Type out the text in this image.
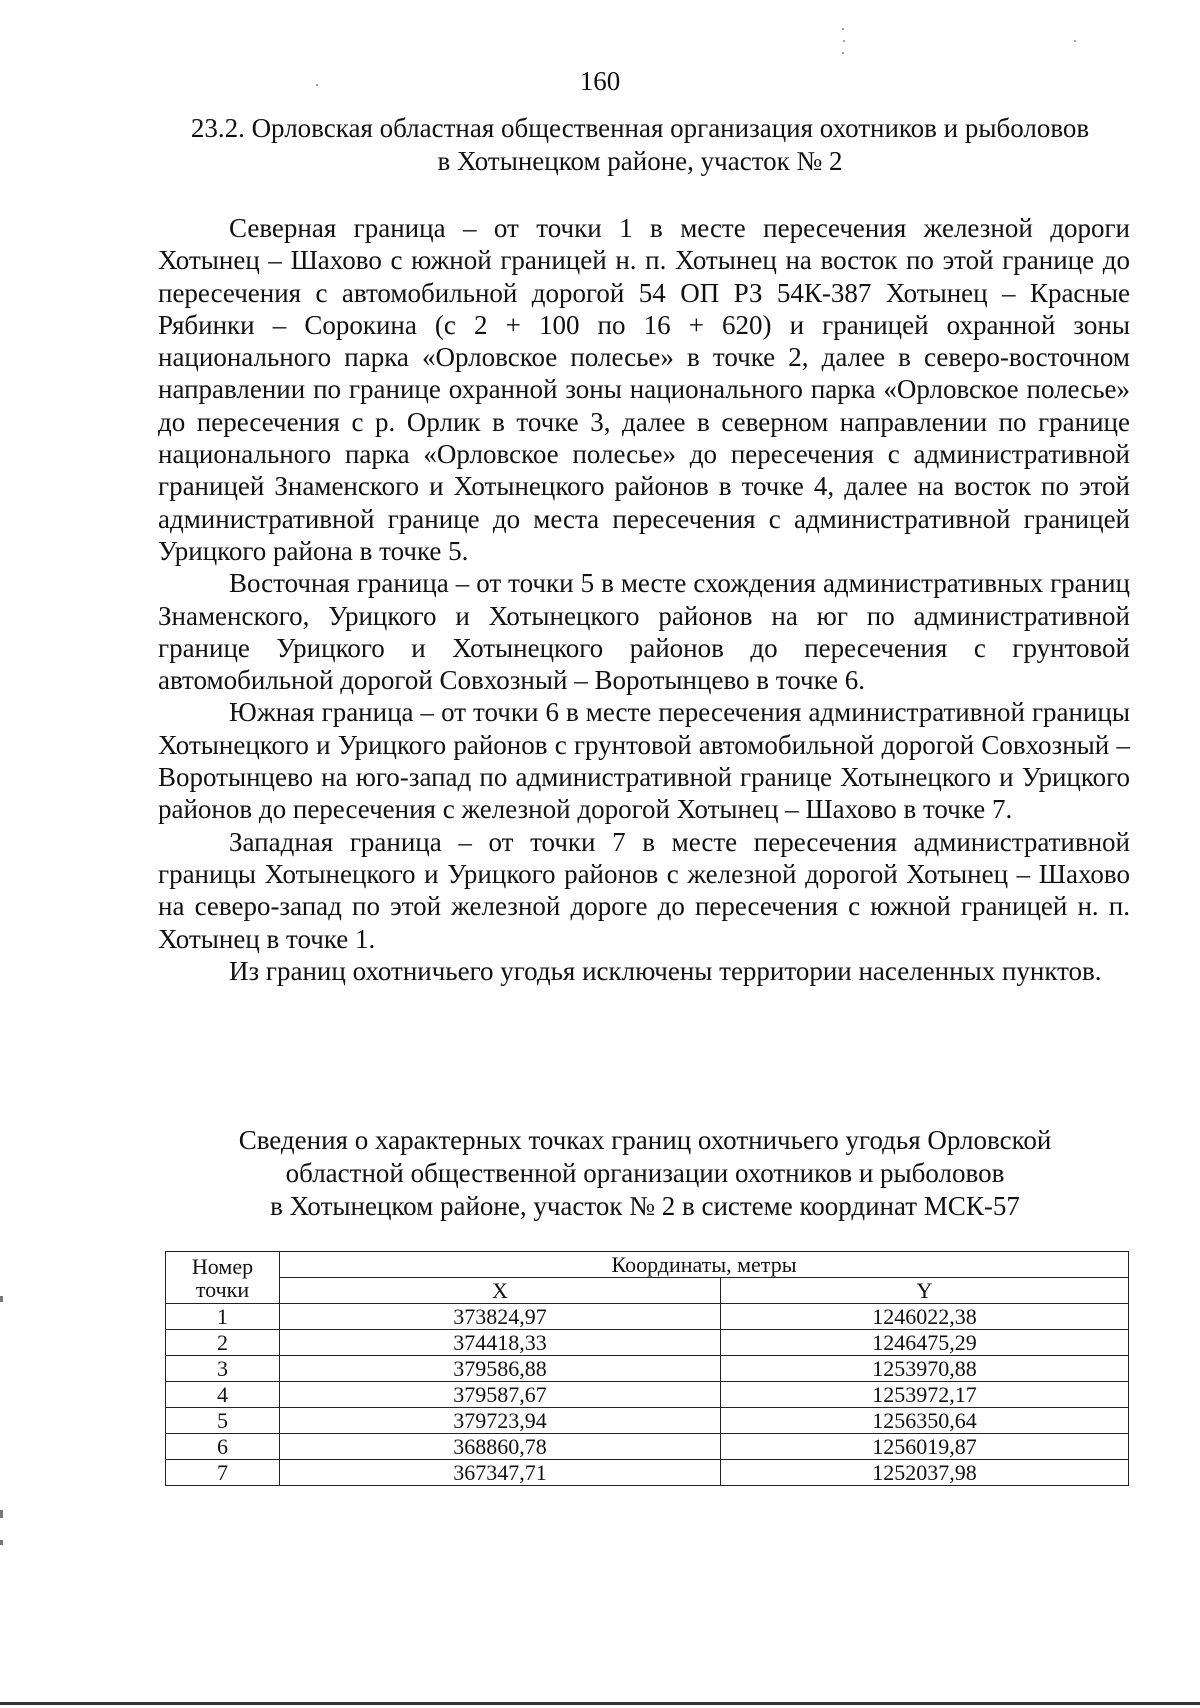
160
23.2. Орловская областная общественная организация охотников и рыболовов
в Хотынецком районе, участок № 2

Северная граница – от точки 1 в месте пересечения железной дороги Хотынец – Шахово с южной границей н. п. Хотынец на восток по этой границе до пересечения с автомобильной дорогой 54 ОП РЗ 54К-387 Хотынец – Красные Рябинки – Сорокина (с 2 + 100 по 16 + 620) и границей охранной зоны национального парка «Орловское полесье» в точке 2, далее в северо-восточном направлении по границе охранной зоны национального парка «Орловское полесье» до пересечения с р. Орлик в точке 3, далее в северном направлении по границе национального парка «Орловское полесье» до пересечения с административной границей Знаменского и Хотынецкого районов в точке 4, далее на восток по этой административной границе до места пересечения с административной границей Урицкого района в точке 5.

Восточная граница – от точки 5 в месте схождения административных границ Знаменского, Урицкого и Хотынецкого районов на юг по административной границе Урицкого и Хотынецкого районов до пересечения с грунтовой автомобильной дорогой Совхозный – Воротынцево в точке 6.

Южная граница – от точки 6 в месте пересечения административной границы Хотынецкого и Урицкого районов с грунтовой автомобильной дорогой Совхозный – Воротынцево на юго-запад по административной границе Хотынецкого и Урицкого районов до пересечения с железной дорогой Хотынец – Шахово в точке 7.

Западная граница – от точки 7 в месте пересечения административной границы Хотынецкого и Урицкого районов с железной дорогой Хотынец – Шахово на северо-запад по этой железной дороге до пересечения с южной границей н. п. Хотынец в точке 1.

Из границ охотничьего угодья исключены территории населенных пунктов.

Сведения о характерных точках границ охотничьего угодья Орловской
областной общественной организации охотников и рыболовов
в Хотынецком районе, участок № 2 в системе координат МСК-57
Номер точки	Координаты, метры	
	X	Y
1	373824,97	1246022,38
2	374418,33	1246475,29
3	379586,88	1253970,88
4	379587,67	1253972,17
5	379723,94	1256350,64
6	368860,78	1256019,87
7	367347,71	1252037,98
